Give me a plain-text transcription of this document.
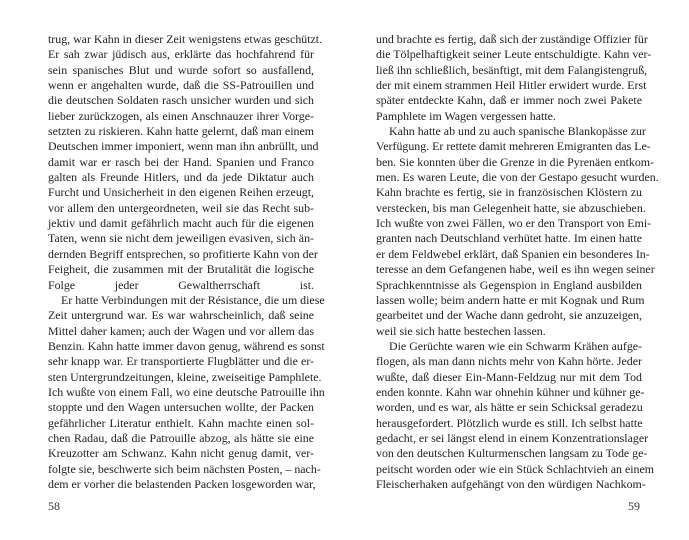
trug, war Kahn in dieser Zeit wenigstens etwas geschützt.
Er sah zwar jüdisch aus, erklärte das hochfahrend für
sein spanisches Blut und wurde sofort so ausfallend,
wenn er angehalten wurde, daß die SS-Patrouillen und
die deutschen Soldaten rasch unsicher wurden und sich
lieber zurückzogen, als einen Anschnauzer ihrer Vorge-
setzten zu riskieren. Kahn hatte gelernt, daß man einem
Deutschen immer imponiert, wenn man ihn anbrüllt, und
damit war er rasch bei der Hand. Spanien und Franco
galten als Freunde Hitlers, und da jede Diktatur auch
Furcht und Unsicherheit in den eigenen Reihen erzeugt,
vor allem den untergeordneten, weil sie das Recht sub-
jektiv und damit gefährlich macht auch für die eigenen
Taten, wenn sie nicht dem jeweiligen evasiven, sich än-
dernden Begriff entsprechen, so profitierte Kahn von der
Feigheit, die zusammen mit der Brutalität die logische
Folge jeder Gewaltherrschaft ist.
Er hatte Verbindungen mit der Résistance, die um diese
Zeit untergrund war. Es war wahrscheinlich, daß seine
Mittel daher kamen; auch der Wagen und vor allem das
Benzin. Kahn hatte immer davon genug, während es sonst
sehr knapp war. Er transportierte Flugblätter und die er-
sten Untergrundzeitungen, kleine, zweiseitige Pamphlete.
Ich wußte von einem Fall, wo eine deutsche Patrouille ihn
stoppte und den Wagen untersuchen wollte, der Packen
gefährlicher Literatur enthielt. Kahn machte einen sol-
chen Radau, daß die Patrouille abzog, als hätte sie eine
Kreuzotter am Schwanz. Kahn nicht genug damit, ver-
folgte sie, beschwerte sich beim nächsten Posten, – nach-
dem er vorher die belastenden Packen losgeworden war,
und brachte es fertig, daß sich der zuständige Offizier für
die Tölpelhaftigkeit seiner Leute entschuldigte. Kahn ver-
ließ ihn schließlich, besänftigt, mit dem Falangistengruß,
der mit einem strammen Heil Hitler erwidert wurde. Erst
später entdeckte Kahn, daß er immer noch zwei Pakete
Pamphlete im Wagen vergessen hatte.
Kahn hatte ab und zu auch spanische Blankopässe zur
Verfügung. Er rettete damit mehreren Emigranten das Le-
ben. Sie konnten über die Grenze in die Pyrenäen entkom-
men. Es waren Leute, die von der Gestapo gesucht wurden.
Kahn brachte es fertig, sie in französischen Klöstern zu
verstecken, bis man Gelegenheit hatte, sie abzuschieben.
Ich wußte von zwei Fällen, wo er den Transport von Emi-
granten nach Deutschland verhütet hatte. Im einen hatte
er dem Feldwebel erklärt, daß Spanien ein besonderes In-
teresse an dem Gefangenen habe, weil es ihn wegen seiner
Sprachkenntnisse als Gegenspion in England ausbilden
lassen wolle; beim andern hatte er mit Kognak und Rum
gearbeitet und der Wache dann gedroht, sie anzuzeigen,
weil sie sich hatte bestechen lassen.
Die Gerüchte waren wie ein Schwarm Krähen aufge-
flogen, als man dann nichts mehr von Kahn hörte. Jeder
wußte, daß dieser Ein-Mann-Feldzug nur mit dem Tod
enden konnte. Kahn war ohnehin kühner und kühner ge-
worden, und es war, als hätte er sein Schicksal geradezu
herausgefordert. Plötzlich wurde es still. Ich selbst hatte
gedacht, er sei längst elend in einem Konzentrationslager
von den deutschen Kulturmenschen langsam zu Tode ge-
peitscht worden oder wie ein Stück Schlachtvieh an einem
Fleischerhaken aufgehängt von den würdigen Nachkom-
58	59
